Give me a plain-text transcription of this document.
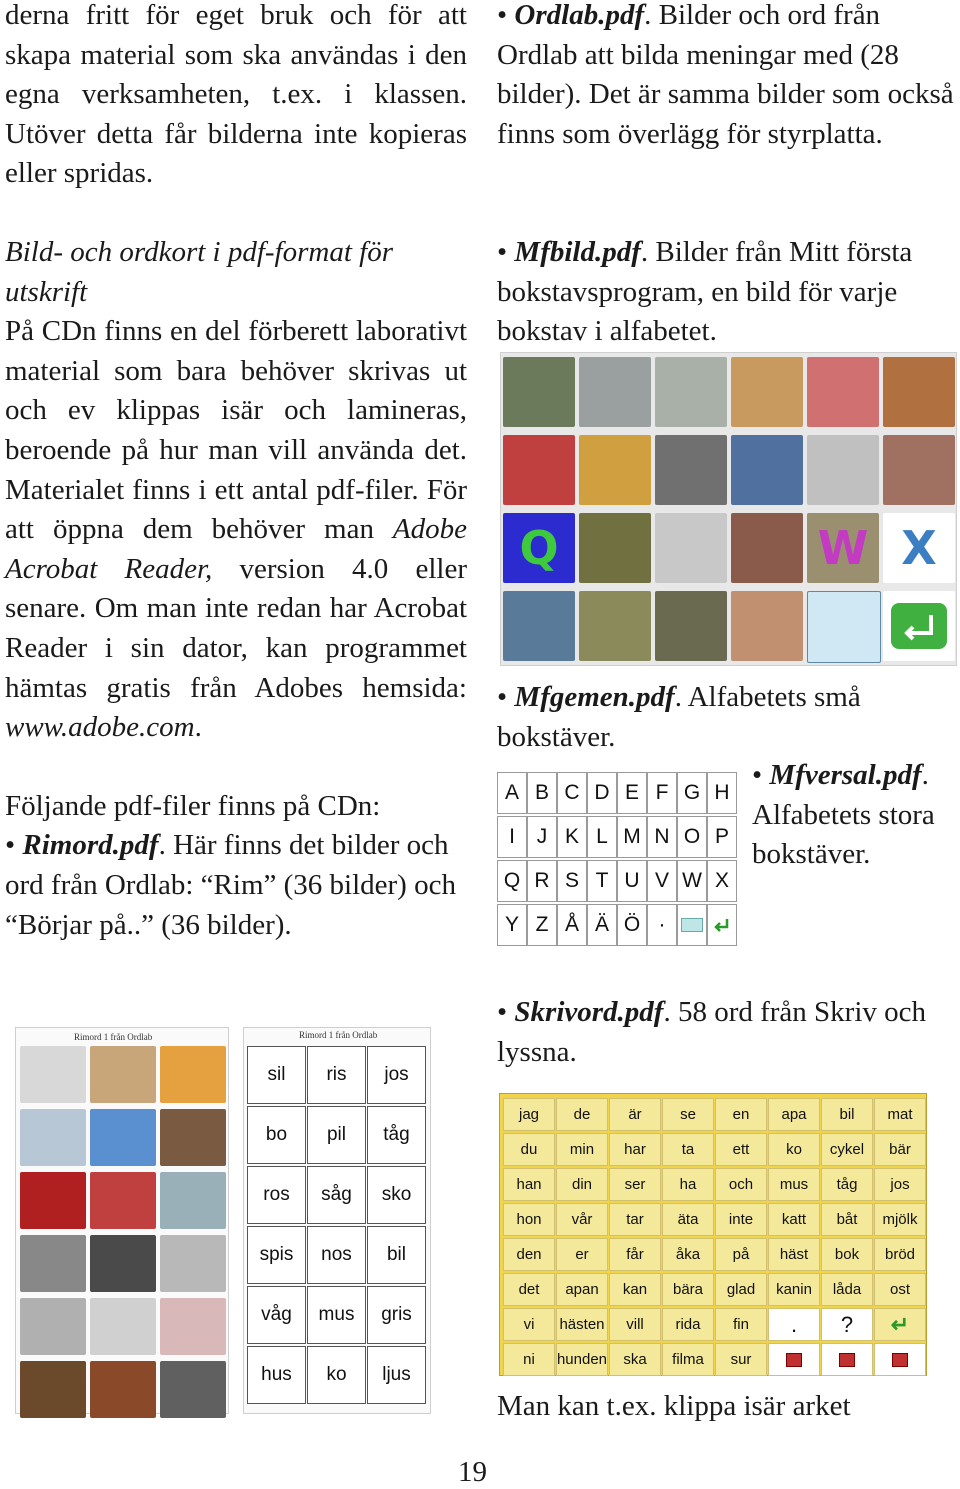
derna fritt för eget bruk och för att skapa material som ska användas i den egna verksamheten, t.ex. i klassen. Utöver detta får bilderna inte kopieras eller spridas.

Bild- och ordkort i pdf-format för utskrift

På CDn finns en del förberett laborativt material som bara behöver skrivas ut och ev klippas isär och lamineras, beroende på hur man vill använda det. Materialet finns i ett antal pdf-filer. För att öppna dem behöver man Adobe Acrobat Reader, version 4.0 eller senare. Om man inte redan har Acrobat Reader i sin dator, kan programmet hämtas gratis från Adobes hemsida: www.adobe.com.

Följande pdf-filer finns på CDn:

• Rimord.pdf. Här finns det bilder och ord från Ordlab: “Rim” (36 bilder) och “Börjar på..” (36 bilder).

Rimord 1 från Ordlab	Rimord 1 från Ordlab
sil	ris	jos
bo	pil	tåg
ros	såg	sko
spis	nos	bil
våg	mus	gris
hus	ko	ljus

• Ordlab.pdf. Bilder och ord från Ordlab att bilda meningar med (28 bilder). Det är samma bilder som också finns som överlägg för styrplatta.

• Mfbild.pdf. Bilder från Mitt första bokstavsprogram, en bild för varje bokstav i alfabetet.

Q	W X

• Mfgemen.pdf. Alfabetets små bokstäver.

A B C D E F G H
I	J K L M N O P
Q R S T U V W X
Y Z Å Ä Ö ·

• Mfversal.pdf. Alfabetets stora bokstäver.

• Skrivord.pdf. 58 ord från Skriv och lyssna.

jag	de	är	se	en	apa	bil	mat
du	min	har	ta	ett	ko	cykel	bär
han	din	ser	ha	och	mus	tåg	jos
hon	vår	tar	äta	inte	katt	båt	mjölk
den	er	får	åka	på	häst	bok	bröd
det	apan	kan	bära	glad	kanin	låda	ost
vi	hästen	vill	rida	fin	.	?	↵
ni	hunden	ska	filma	sur
Man kan t.ex. klippa isär arket
19
